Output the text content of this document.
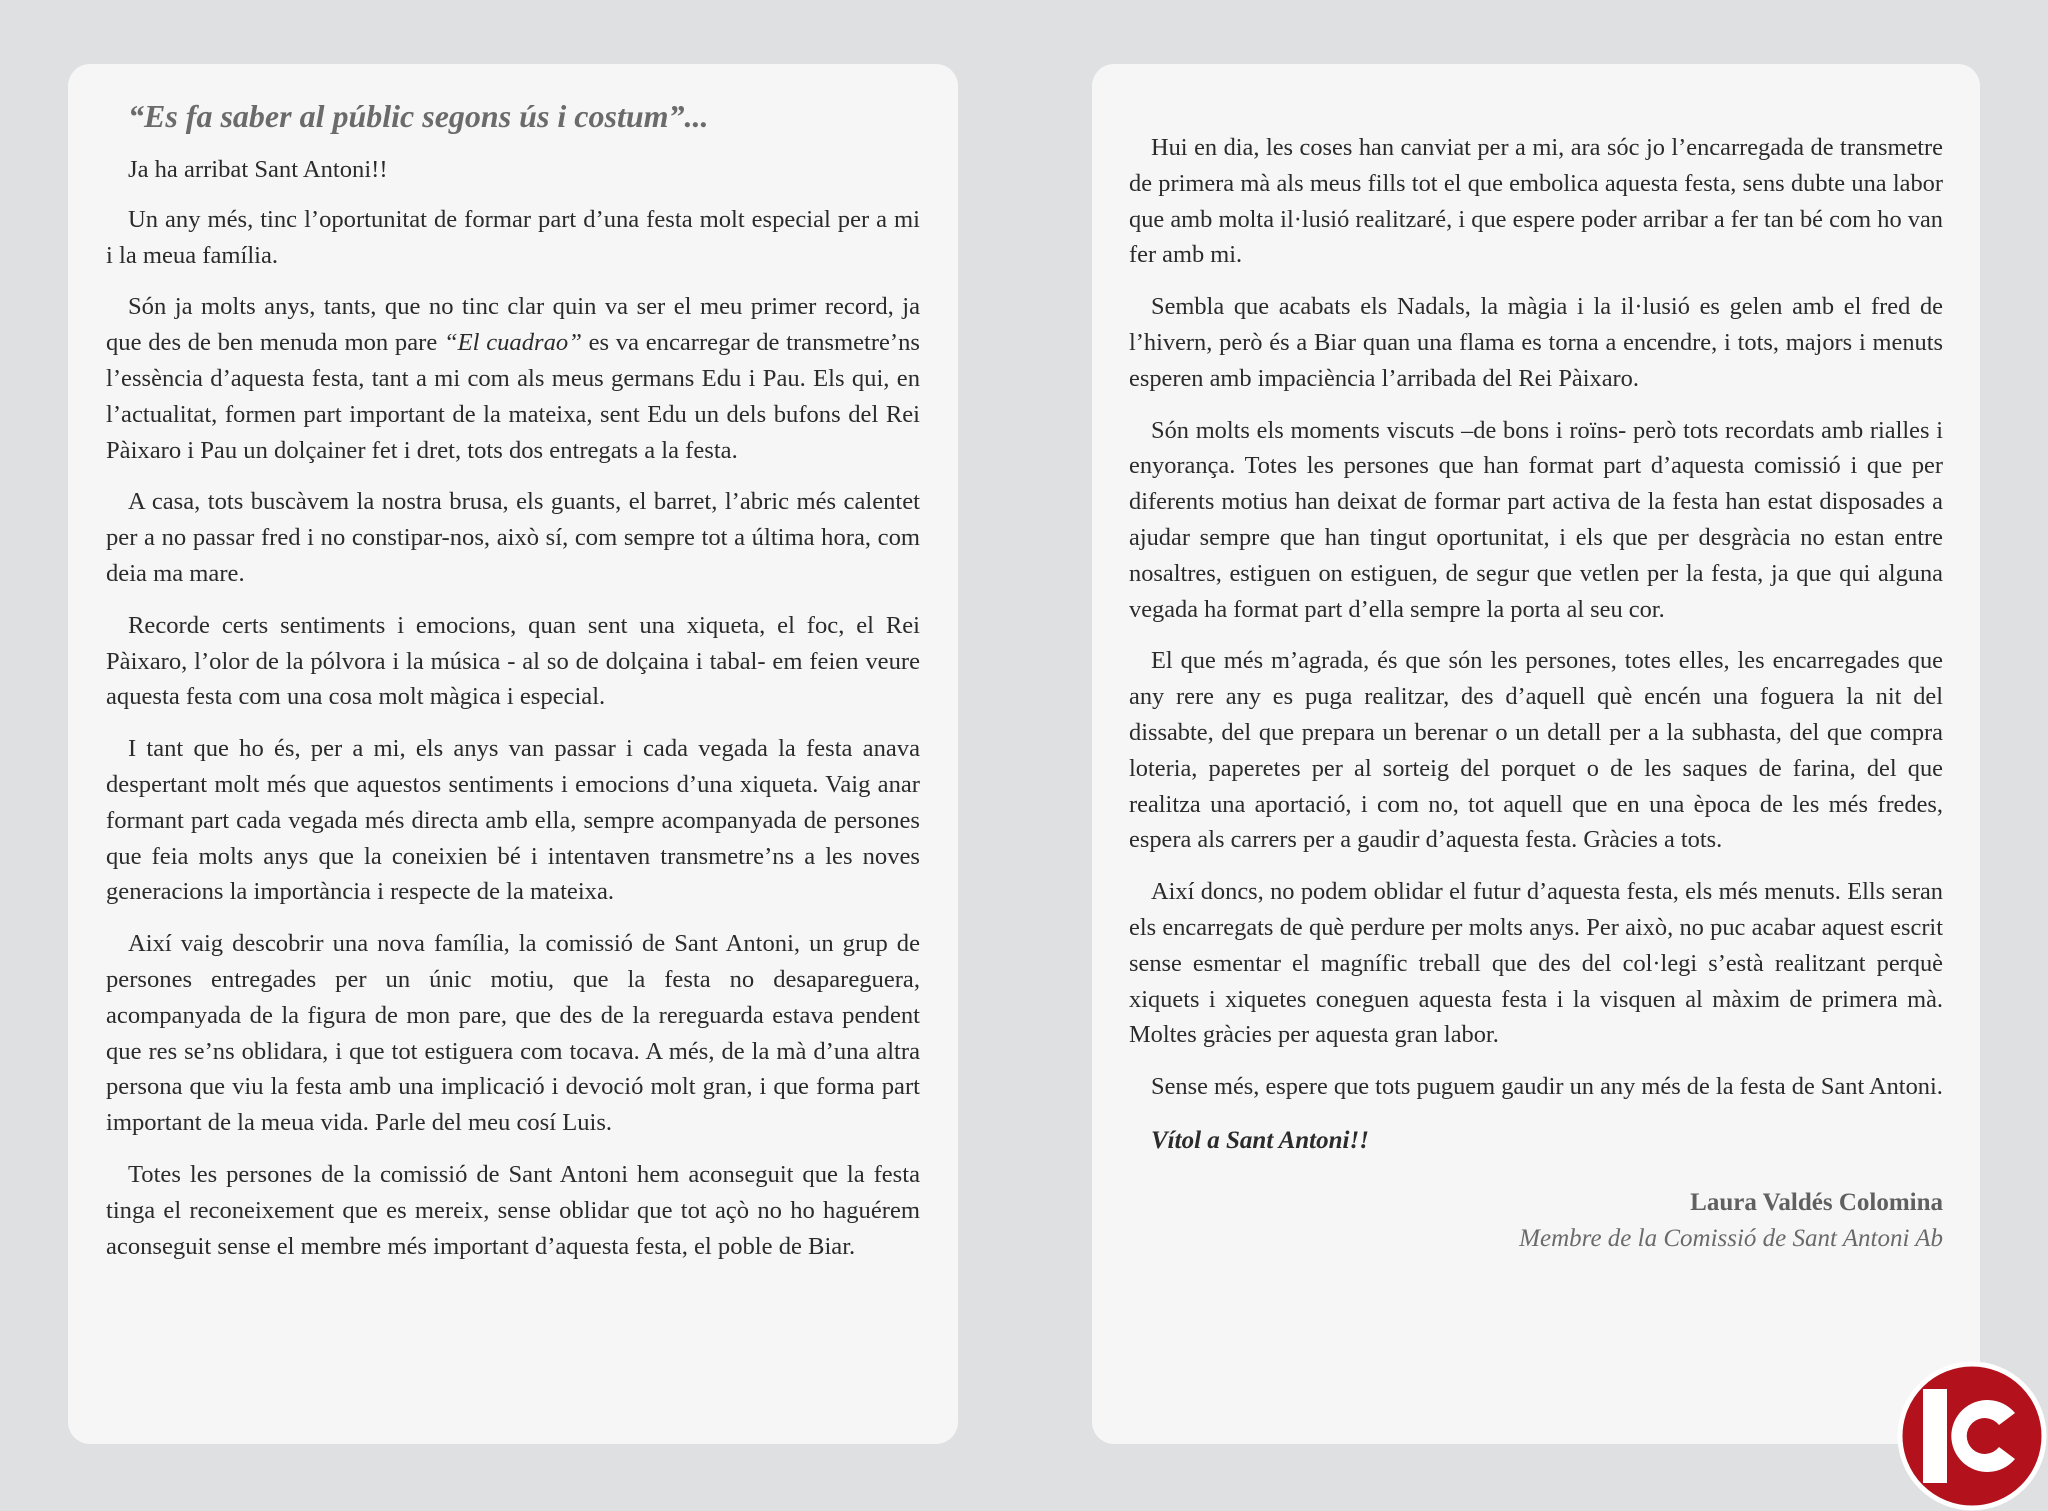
“Es fa saber al públic segons ús i costum”...

Ja ha arribat Sant Antoni!!

Un any més, tinc l’oportunitat de formar part d’una festa molt especial per a mi i la meua família.

Són ja molts anys, tants, que no tinc clar quin va ser el meu primer record, ja que des de ben menuda mon pare “El cuadrao” es va encarregar de transmetre’ns l’essència d’aquesta festa, tant a mi com als meus germans Edu i Pau. Els qui, en l’actualitat, formen part important de la mateixa, sent Edu un dels bufons del Rei Pàixaro i Pau un dolçainer fet i dret, tots dos entregats a la festa.

A casa, tots buscàvem la nostra brusa, els guants, el barret, l’abric més calentet per a no passar fred i no constipar-nos, això sí, com sempre tot a última hora, com deia ma mare.

Recorde certs sentiments i emocions, quan sent una xiqueta, el foc, el Rei Pàixaro, l’olor de la pólvora i la música - al so de dolçaina i tabal- em feien veure aquesta festa com una cosa molt màgica i especial.

I tant que ho és, per a mi, els anys van passar i cada vegada la festa anava despertant molt més que aquestos sentiments i emocions d’una xiqueta. Vaig anar formant part cada vegada més directa amb ella, sempre acompanyada de persones que feia molts anys que la coneixien bé i intentaven transmetre’ns a les noves generacions la importància i respecte de la mateixa.

Així vaig descobrir una nova família, la comissió de Sant Antoni, un grup de persones entregades per un únic motiu, que la festa no desapareguera, acompanyada de la figura de mon pare, que des de la rereguarda estava pendent que res se’ns oblidara, i que tot estiguera com tocava. A més, de la mà d’una altra persona que viu la festa amb una implicació i devoció molt gran, i que forma part important de la meua vida. Parle del meu cosí Luis.

Totes les persones de la comissió de Sant Antoni hem aconseguit que la festa tinga el reconeixement que es mereix, sense oblidar que tot açò no ho haguérem aconseguit sense el membre més important d’aquesta festa, el poble de Biar.

Hui en dia, les coses han canviat per a mi, ara sóc jo l’encarregada de transmetre de primera mà als meus fills tot el que embolica aquesta festa, sens dubte una labor que amb molta il·lusió realitzaré, i que espere poder arribar a fer tan bé com ho van fer amb mi.

Sembla que acabats els Nadals, la màgia i la il·lusió es gelen amb el fred de l’hivern, però és a Biar quan una flama es torna a encendre, i tots, majors i menuts esperen amb impaciència l’arribada del Rei Pàixaro.

Són molts els moments viscuts –de bons i roïns- però tots recordats amb rialles i enyorança. Totes les persones que han format part d’aquesta comissió i que per diferents motius han deixat de formar part activa de la festa han estat disposades a ajudar sempre que han tingut oportunitat, i els que per desgràcia no estan entre nosaltres, estiguen on estiguen, de segur que vetlen per la festa, ja que qui alguna vegada ha format part d’ella sempre la porta al seu cor.

El que més m’agrada, és que són les persones, totes elles, les encarregades que any rere any es puga realitzar, des d’aquell què encén una foguera la nit del dissabte, del que prepara un berenar o un detall per a la subhasta, del que compra loteria, paperetes per al sorteig del porquet o de les saques de farina, del que realitza una aportació, i com no, tot aquell que en una època de les més fredes, espera als carrers per a gaudir d’aquesta festa. Gràcies a tots.

Així doncs, no podem oblidar el futur d’aquesta festa, els més menuts. Ells seran els encarregats de què perdure per molts anys. Per això, no puc acabar aquest escrit sense esmentar el magnífic treball que des del col·legi s’està realitzant perquè xiquets i xiquetes coneguen aquesta festa i la visquen al màxim de primera mà. Moltes gràcies per aquesta gran labor.

Sense més, espere que tots puguem gaudir un any més de la festa de Sant Antoni.

Vítol a Sant Antoni!!
Laura Valdés Colomina
Membre de la Comissió de Sant Antoni Ab
